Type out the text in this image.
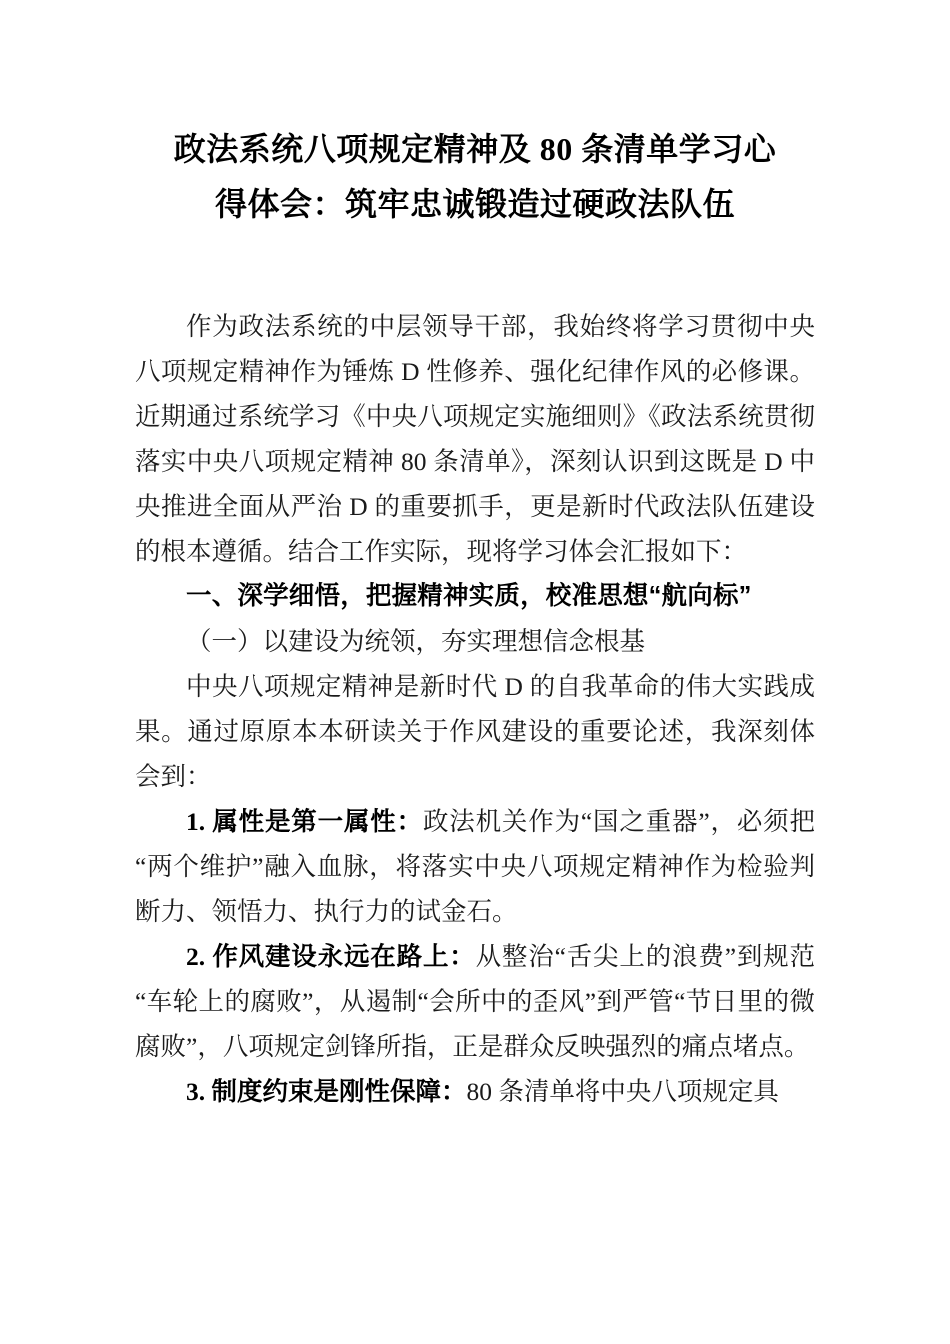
政法系统八项规定精神及 80 条清单学习心
得体会：筑牢忠诚锻造过硬政法队伍

作为政法系统的中层领导干部，我始终将学习贯彻中央八项规定精神作为锤炼 D 性修养、强化纪律作风的必修课。近期通过系统学习《中央八项规定实施细则》《政法系统贯彻落实中央八项规定精神 80 条清单》，深刻认识到这既是 D 中央推进全面从严治 D 的重要抓手，更是新时代政法队伍建设的根本遵循。结合工作实际，现将学习体会汇报如下：

一、深学细悟，把握精神实质，校准思想“航向标”

（一）以建设为统领，夯实理想信念根基

中央八项规定精神是新时代 D 的自我革命的伟大实践成果。通过原原本本研读关于作风建设的重要论述，我深刻体会到：

1. 属性是第一属性：政法机关作为“国之重器”，必须把“两个维护”融入血脉，将落实中央八项规定精神作为检验判断力、领悟力、执行力的试金石。

2. 作风建设永远在路上：从整治“舌尖上的浪费”到规范“车轮上的腐败”，从遏制“会所中的歪风”到严管“节日里的微腐败”，八项规定剑锋所指，正是群众反映强烈的痛点堵点。

3. 制度约束是刚性保障：80 条清单将中央八项规定具
